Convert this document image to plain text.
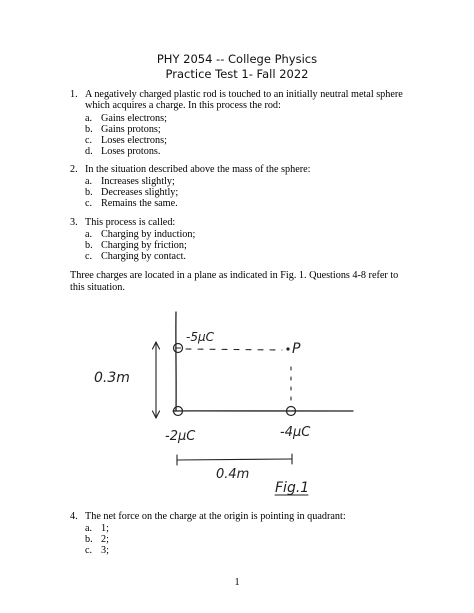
PHY 2054 -- College Physics
Practice Test 1- Fall 2022
1. A negatively charged plastic rod is touched to an initially neutral metal sphere which acquires a charge. In this process the rod:
a. Gains electrons;
b. Gains protons;
c. Loses electrons;
d. Loses protons.
2. In the situation described above the mass of the sphere:
a. Increases slightly;
b. Decreases slightly;
c. Remains the same.
3. This process is called:
a. Charging by induction;
b. Charging by friction;
c. Charging by contact.
Three charges are located in a plane as indicated in Fig. 1. Questions 4-8 refer to this situation.
-5μC
P
0.3m
-2μC	-4μC
0.4m
Fig.1
4. The net force on the charge at the origin is pointing in quadrant:
a. 1;
b. 2;
c. 3;
1
